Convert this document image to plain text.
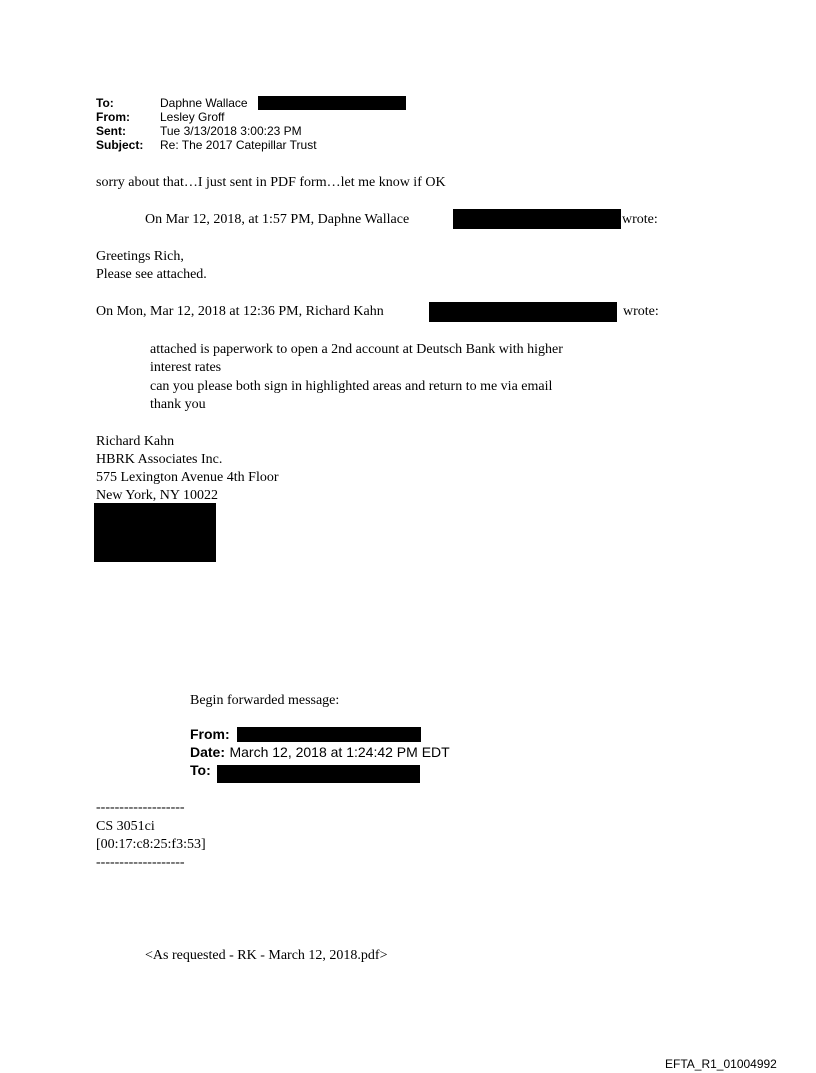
To:	Daphne Wallace
From:	Lesley Groff
Sent:	Tue 3/13/2018 3:00:23 PM
Subject: Re: The 2017 Catepillar Trust
sorry about that…I just sent in PDF form…let me know if OK
On Mar 12, 2018, at 1:57 PM, Daphne Wallace	wrote:
Greetings Rich,
Please see attached.
On Mon, Mar 12, 2018 at 12:36 PM, Richard Kahn	wrote:
attached is paperwork to open a 2nd account at Deutsch Bank with higher
interest rates
can you please both sign in highlighted areas and return to me via email
thank you
Richard Kahn
HBRK Associates Inc.
575 Lexington Avenue 4th Floor
New York, NY 10022
Begin forwarded message:
From:
Date: March 12, 2018 at 1:24:42 PM EDT
To:
-------------------
CS 3051ci
[00:17:c8:25:f3:53]
-------------------
<As requested - RK - March 12, 2018.pdf>
EFTA_R1_01004992
